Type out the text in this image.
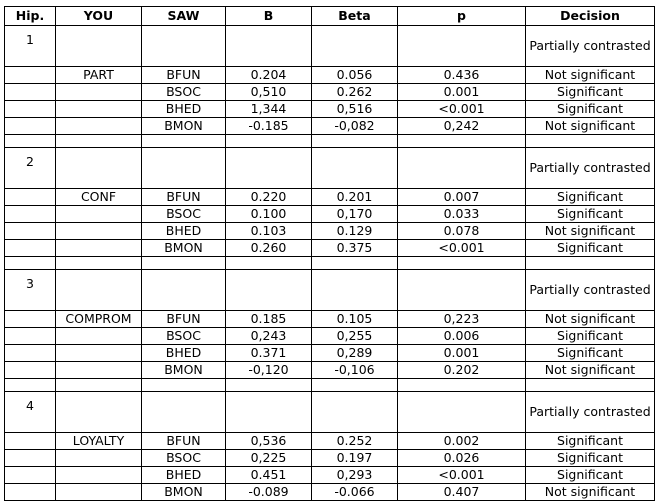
Hip.	YOU	SAW	B	Beta	p	Decision
1						Partially contrasted
	PART	BFUN	0.204	0.056	0.436	Not significant
		BSOC	0,510	0.262	0.001	Significant
		BHED	1,344	0,516	<0.001	Significant
		BMON	-0.185	-0,082	0,242	Not significant

2						Partially contrasted
	CONF	BFUN	0.220	0.201	0.007	Significant
		BSOC	0.100	0,170	0.033	Significant
		BHED	0.103	0.129	0.078	Not significant
		BMON	0.260	0.375	<0.001	Significant

3						Partially contrasted
	COMPROM	BFUN	0.185	0.105	0,223	Not significant
		BSOC	0,243	0,255	0.006	Significant
		BHED	0.371	0,289	0.001	Significant
		BMON	-0,120	-0,106	0.202	Not significant

4						Partially contrasted
	LOYALTY	BFUN	0,536	0.252	0.002	Significant
		BSOC	0,225	0.197	0.026	Significant
		BHED	0.451	0,293	<0.001	Significant
		BMON	-0.089	-0.066	0.407	Not significant
